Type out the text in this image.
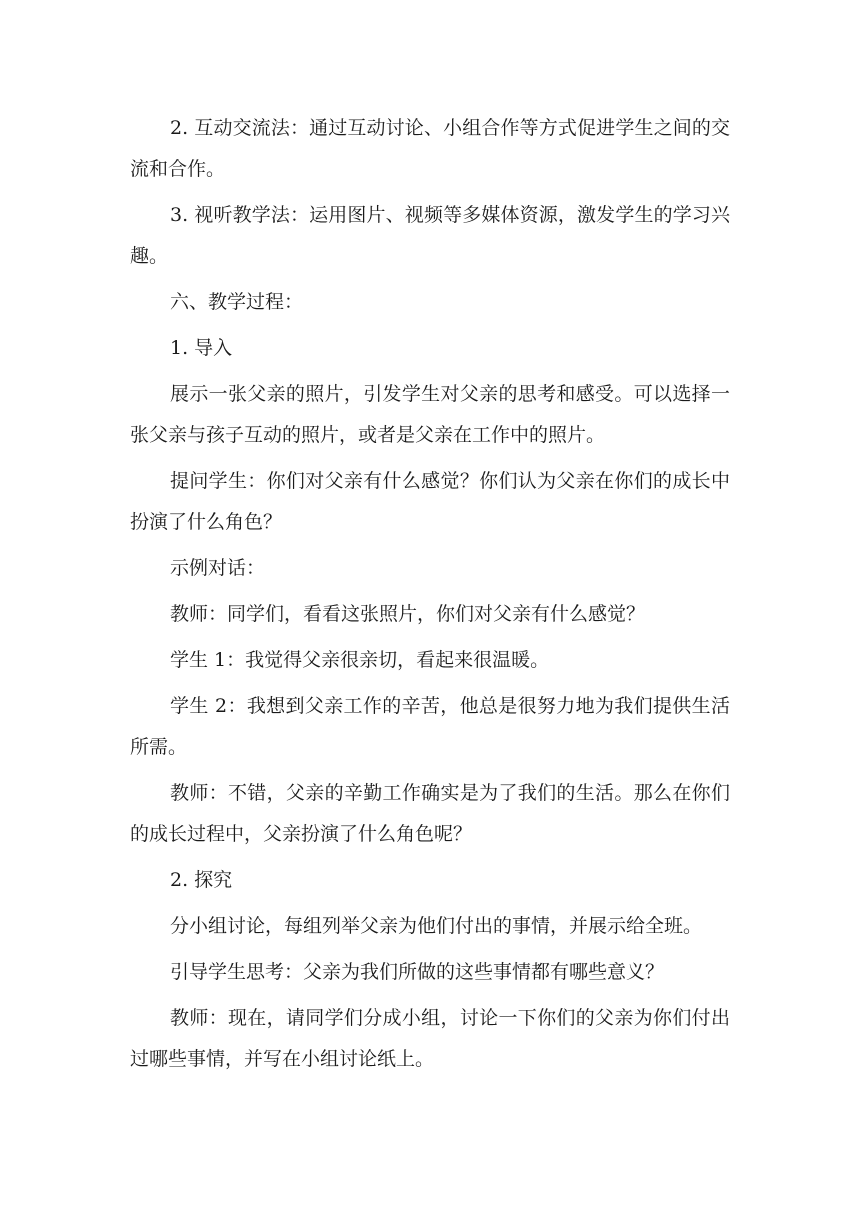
2. 互动交流法：通过互动讨论、小组合作等方式促进学生之间的交流和合作。

3. 视听教学法：运用图片、视频等多媒体资源，激发学生的学习兴趣。

六、教学过程：

1. 导入

展示一张父亲的照片，引发学生对父亲的思考和感受。可以选择一张父亲与孩子互动的照片，或者是父亲在工作中的照片。

提问学生：你们对父亲有什么感觉？你们认为父亲在你们的成长中扮演了什么角色？

示例对话：

教师：同学们，看看这张照片，你们对父亲有什么感觉？

学生 1：我觉得父亲很亲切，看起来很温暖。

学生 2：我想到父亲工作的辛苦，他总是很努力地为我们提供生活所需。

教师：不错，父亲的辛勤工作确实是为了我们的生活。那么在你们的成长过程中，父亲扮演了什么角色呢？

2. 探究

分小组讨论，每组列举父亲为他们付出的事情，并展示给全班。

引导学生思考：父亲为我们所做的这些事情都有哪些意义？

教师：现在，请同学们分成小组，讨论一下你们的父亲为你们付出过哪些事情，并写在小组讨论纸上。
